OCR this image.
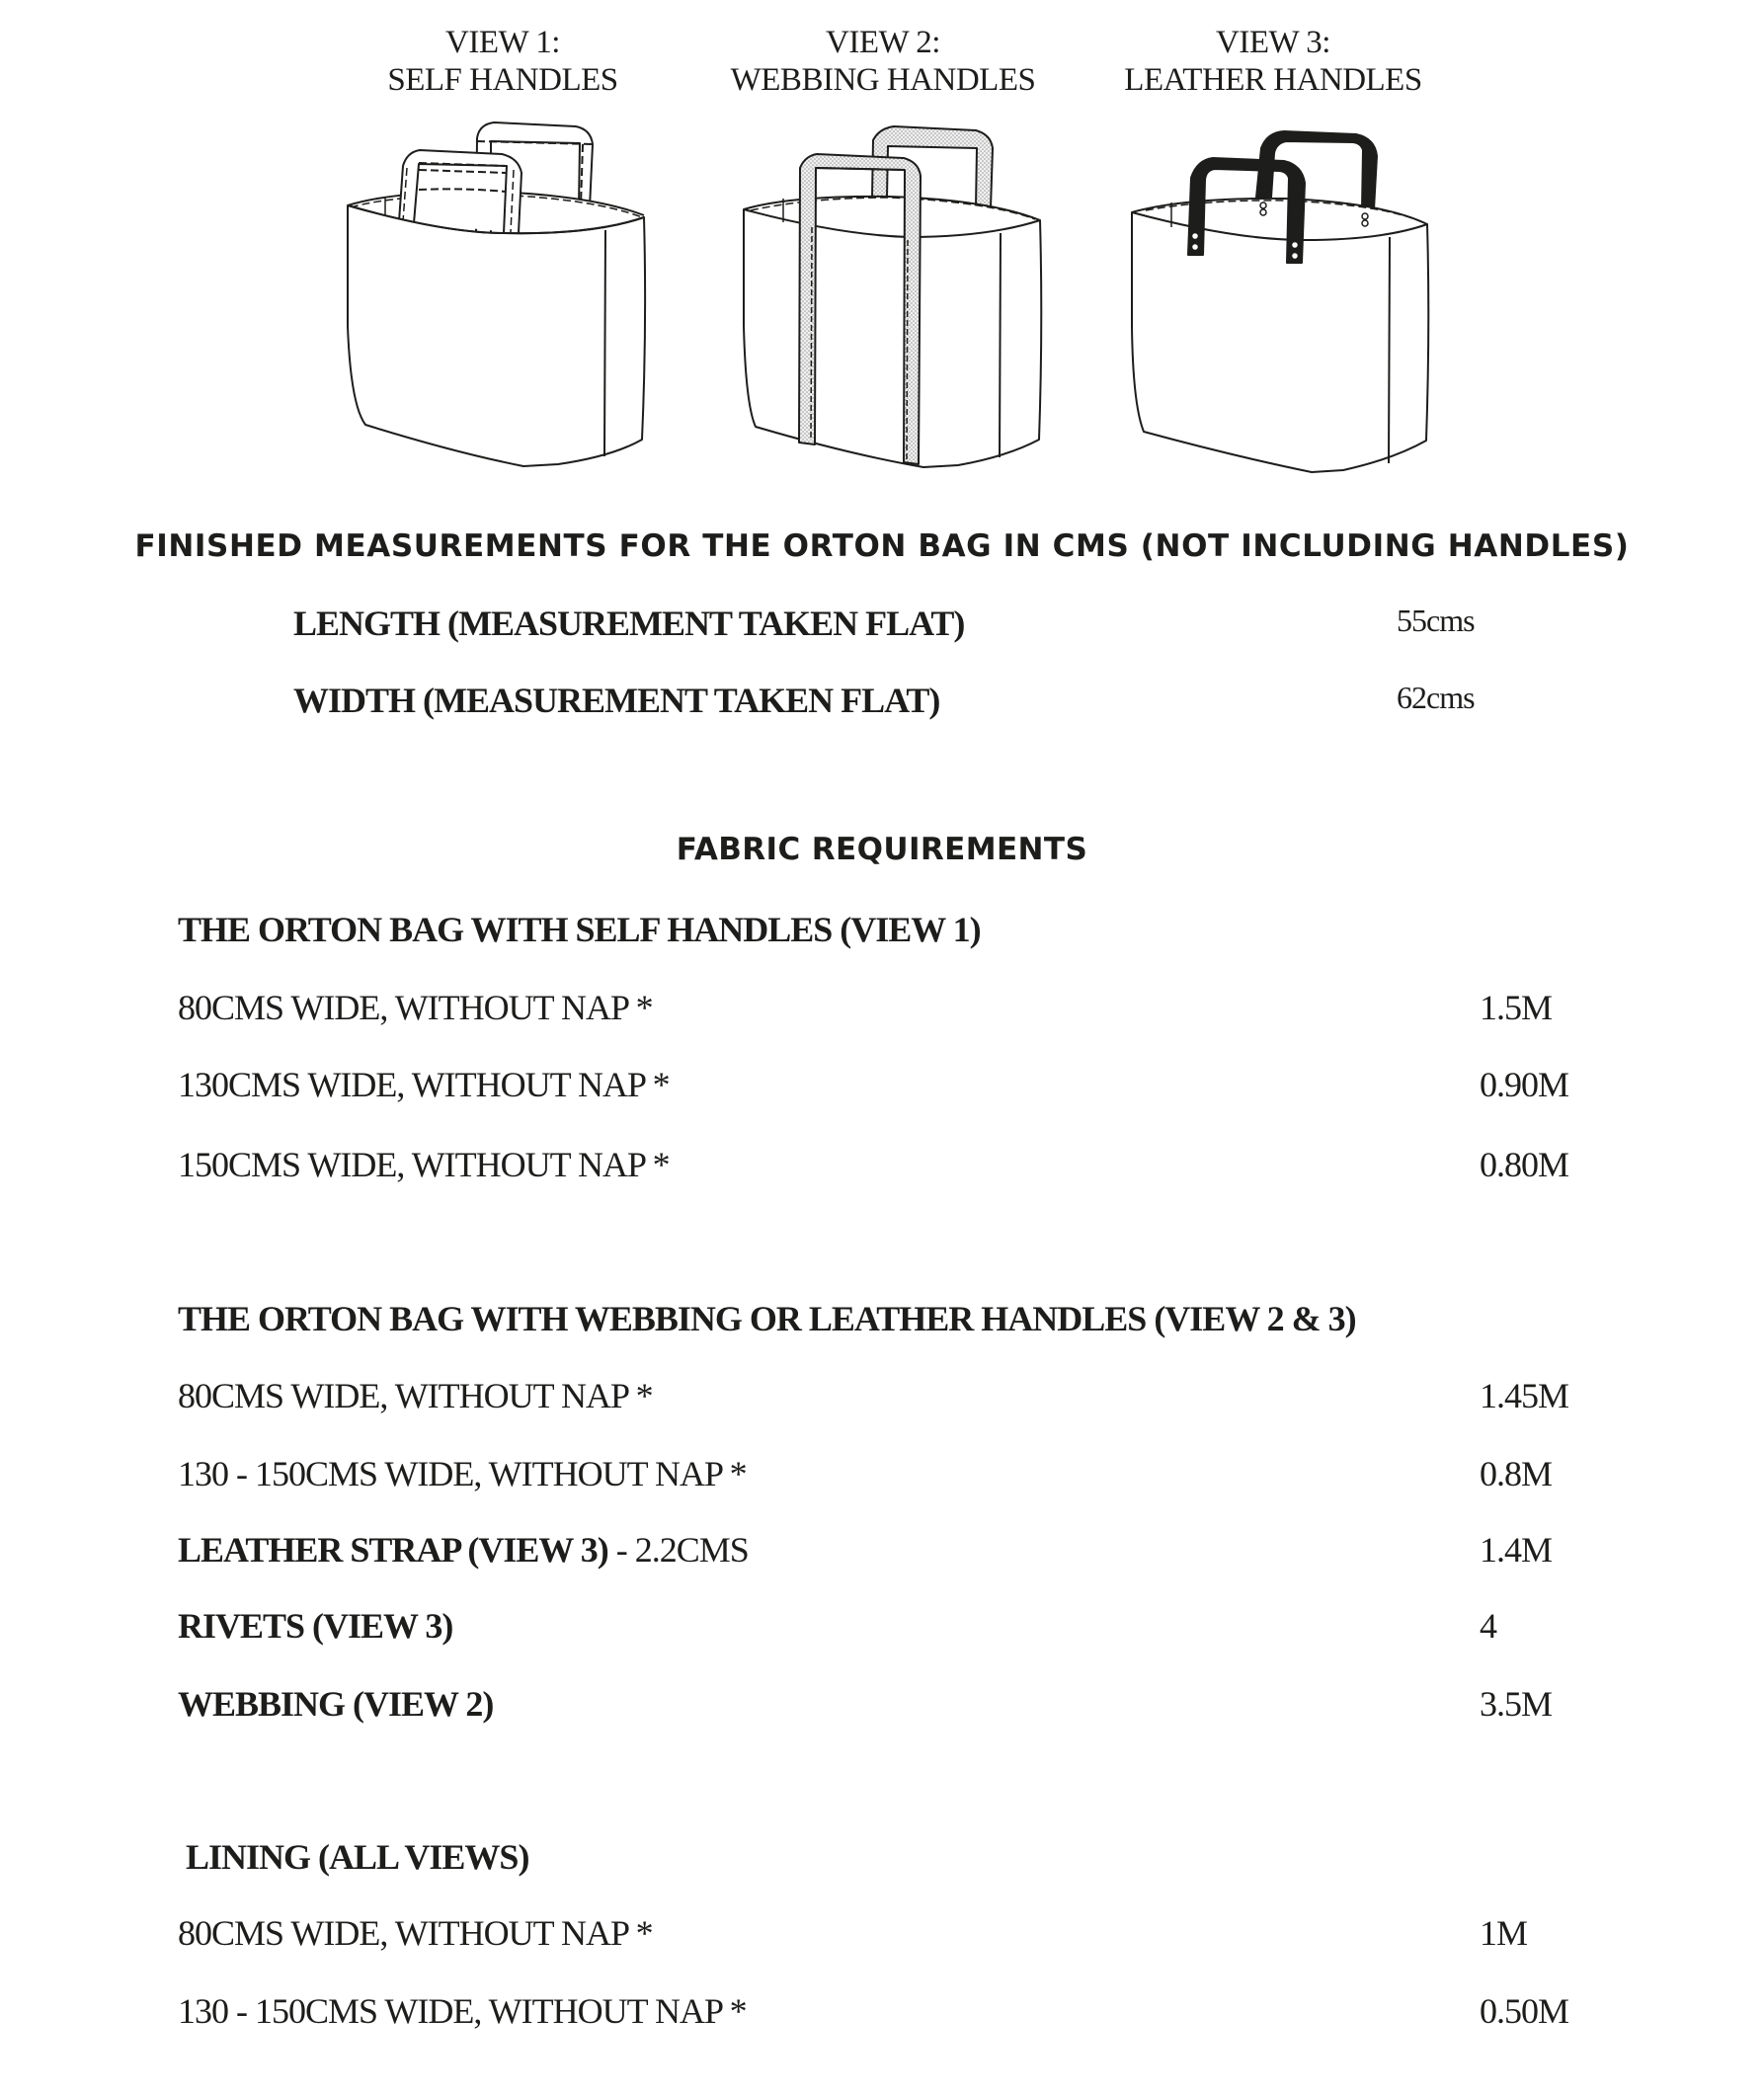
VIEW 1:
SELF HANDLES
VIEW 2:
WEBBING HANDLES
VIEW 3:
LEATHER HANDLES
FINISHED MEASUREMENTS FOR THE ORTON BAG IN CMS (NOT INCLUDING HANDLES)
LENGTH (MEASUREMENT TAKEN FLAT)	55cms
WIDTH (MEASUREMENT TAKEN FLAT)	62cms
FABRIC REQUIREMENTS
THE ORTON BAG WITH SELF HANDLES (VIEW 1)
80CMS WIDE, WITHOUT NAP *	1.5M
130CMS WIDE, WITHOUT NAP *	0.90M
150CMS WIDE, WITHOUT NAP *	0.80M
THE ORTON BAG WITH WEBBING OR LEATHER HANDLES (VIEW 2 & 3)
80CMS WIDE, WITHOUT NAP *	1.45M
130 - 150CMS WIDE, WITHOUT NAP *	0.8M
LEATHER STRAP (VIEW 3) - 2.2CMS	1.4M
RIVETS (VIEW 3)	4
WEBBING (VIEW 2)	3.5M
LINING (ALL VIEWS)
80CMS WIDE, WITHOUT NAP *	1M
130 - 150CMS WIDE, WITHOUT NAP *	0.50M
